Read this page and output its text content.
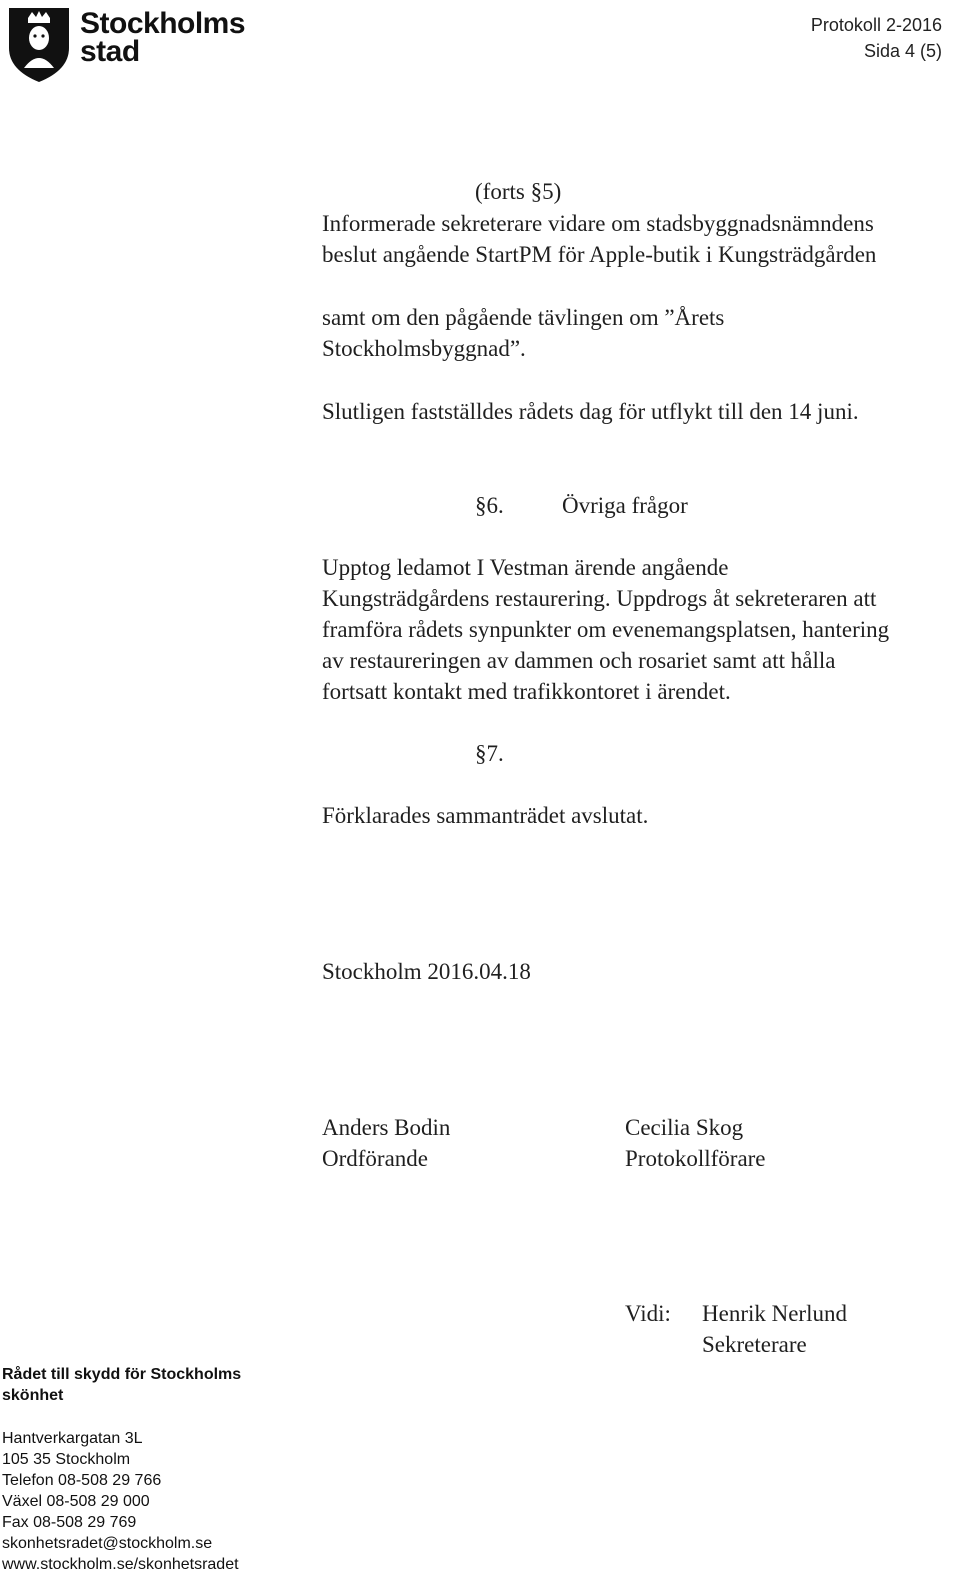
Stockholms
stad
Protokoll 2-2016
Sida 4 (5)
(forts §5)
Informerade sekreterare vidare om stadsbyggnadsnämndens
beslut angående StartPM för Apple-butik i Kungsträdgården
samt om den pågående tävlingen om ”Årets
Stockholmsbyggnad”.
Slutligen fastställdes rådets dag för utflykt till den 14 juni.
§6.	Övriga frågor
Upptog ledamot I Vestman ärende angående
Kungsträdgårdens restaurering. Uppdrogs åt sekreteraren att
framföra rådets synpunkter om evenemangsplatsen, hantering
av restaureringen av dammen och rosariet samt att hålla
fortsatt kontakt med trafikkontoret i ärendet.
§7.
Förklarades sammanträdet avslutat.
Stockholm 2016.04.18
Anders Bodin
Ordförande
Cecilia Skog
Protokollförare
Vidi: Henrik Nerlund
Sekreterare
Rådet till skydd för Stockholms
skönhet
Hantverkargatan 3L
105 35 Stockholm
Telefon 08-508 29 766
Växel 08-508 29 000
Fax 08-508 29 769
skonhetsradet@stockholm.se
www.stockholm.se/skonhetsradet
